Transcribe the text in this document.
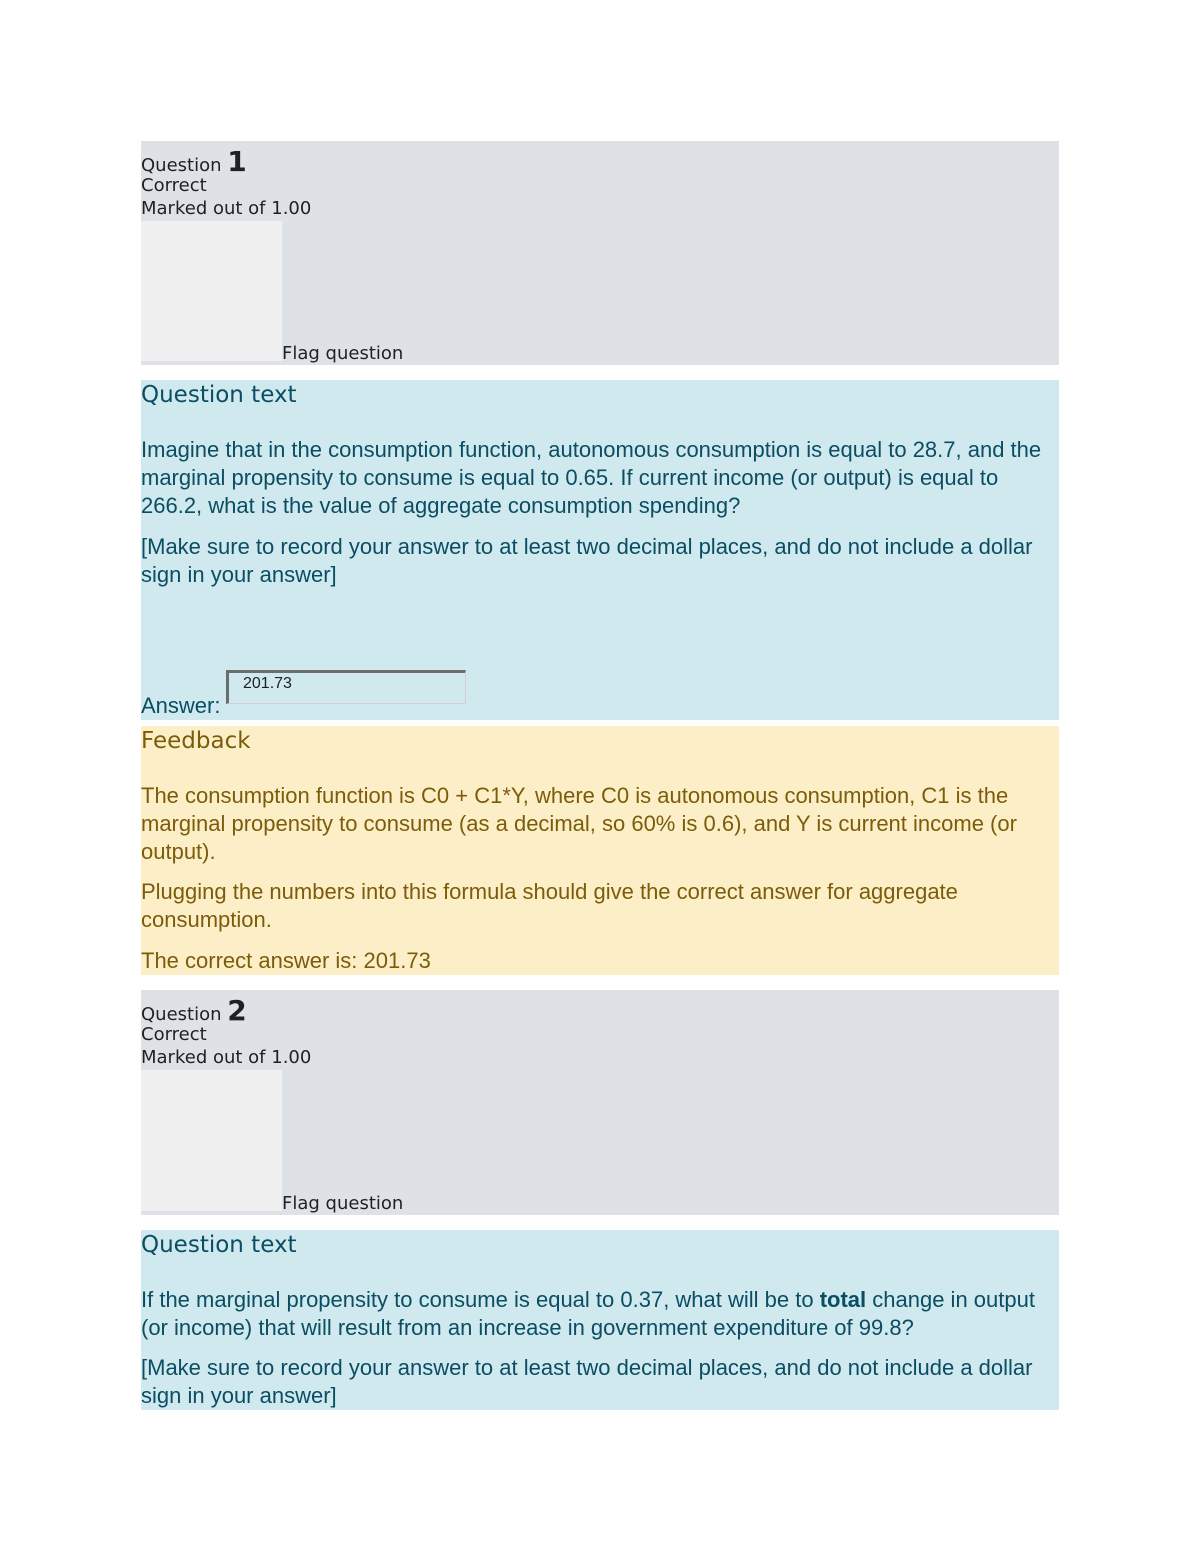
Question 1
Correct
Marked out of 1.00
Flag question
Question text

Imagine that in the consumption function, autonomous consumption is equal to 28.7, and the marginal propensity to consume is equal to 0.65. If current income (or output) is equal to 266.2, what is the value of aggregate consumption spending?

[Make sure to record your answer to at least two decimal places, and do not include a dollar sign in your answer]

Answer:
201.73
Feedback

The consumption function is C0 + C1*Y, where C0 is autonomous consumption, C1 is the marginal propensity to consume (as a decimal, so 60% is 0.6), and Y is current income (or output).

Plugging the numbers into this formula should give the correct answer for aggregate consumption.

The correct answer is: 201.73

Question 2
Correct
Marked out of 1.00
Flag question
Question text

If the marginal propensity to consume is equal to 0.37, what will be to total change in output (or income) that will result from an increase in government expenditure of 99.8?

[Make sure to record your answer to at least two decimal places, and do not include a dollar sign in your answer]
